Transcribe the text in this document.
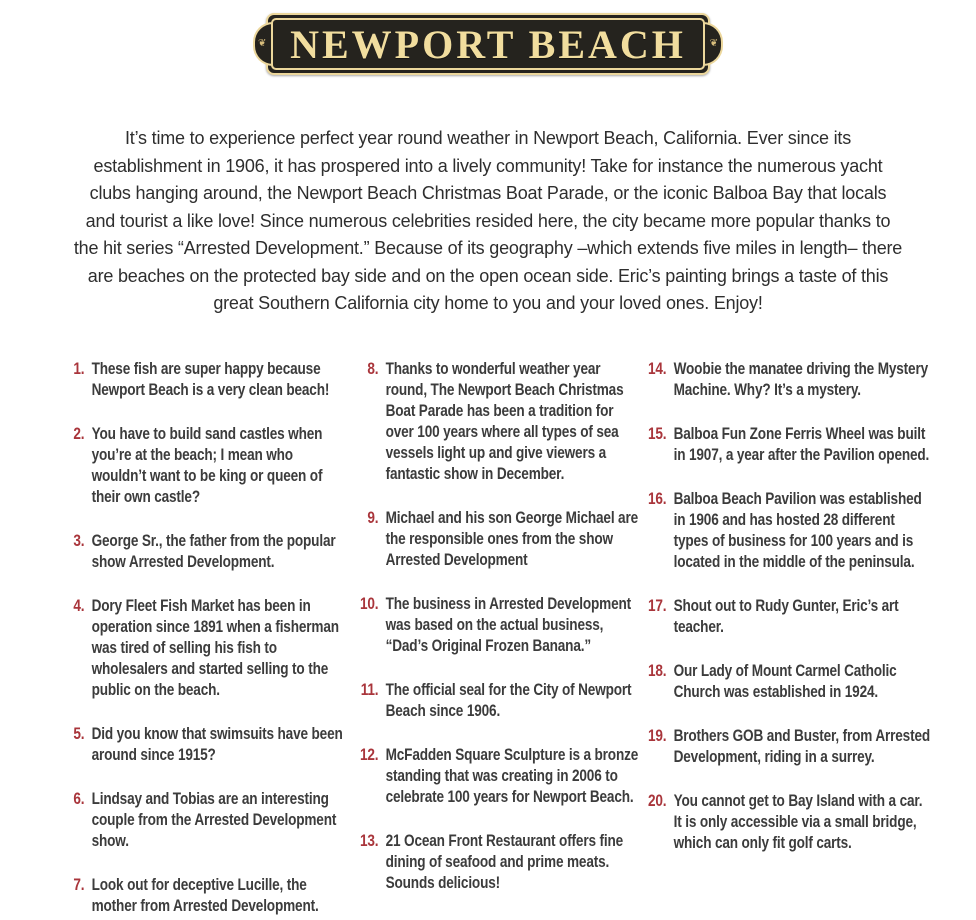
❦ NEWPORT BEACH ❦

It’s time to experience perfect year round weather in Newport Beach, California. Ever since its establishment in 1906, it has prospered into a lively community! Take for instance the numerous yacht clubs hanging around, the Newport Beach Christmas Boat Parade, or the iconic Balboa Bay that locals and tourist a like love! Since numerous celebrities resided here, the city became more popular thanks to the hit series “Arrested Development.” Because of its geography –which extends five miles in length– there are beaches on the protected bay side and on the open ocean side. Eric’s painting brings a taste of this great Southern California city home to you and your loved ones. Enjoy!

1. These fish are super happy because Newport Beach is a very clean beach!
2. You have to build sand castles when you’re at the beach; I mean who wouldn’t want to be king or queen of their own castle?
3. George Sr., the father from the popular show Arrested Development.
4. Dory Fleet Fish Market has been in operation since 1891 when a fisherman was tired of selling his fish to wholesalers and started selling to the public on the beach.
5. Did you know that swimsuits have been around since 1915?
6. Lindsay and Tobias are an interesting couple from the Arrested Development show.
7. Look out for deceptive Lucille, the mother from Arrested Development.
8. Thanks to wonderful weather year round, The Newport Beach Christmas Boat Parade has been a tradition for over 100 years where all types of sea vessels light up and give viewers a fantastic show in December.
9. Michael and his son George Michael are the responsible ones from the show Arrested Development
10. The business in Arrested Development was based on the actual business, “Dad’s Original Frozen Banana.”
11. The official seal for the City of Newport Beach since 1906.
12. McFadden Square Sculpture is a bronze standing that was creating in 2006 to celebrate 100 years for Newport Beach.
13. 21 Ocean Front Restaurant offers fine dining of seafood and prime meats. Sounds delicious!
14. Woobie the manatee driving the Mystery Machine. Why? It’s a mystery.
15. Balboa Fun Zone Ferris Wheel was built in 1907, a year after the Pavilion opened.
16. Balboa Beach Pavilion was established in 1906 and has hosted 28 different types of business for 100 years and is located in the middle of the peninsula.
17. Shout out to Rudy Gunter, Eric’s art teacher.
18. Our Lady of Mount Carmel Catholic Church was established in 1924.
19. Brothers GOB and Buster, from Arrested Development, riding in a surrey.
20. You cannot get to Bay Island with a car. It is only accessible via a small bridge, which can only fit golf carts.
